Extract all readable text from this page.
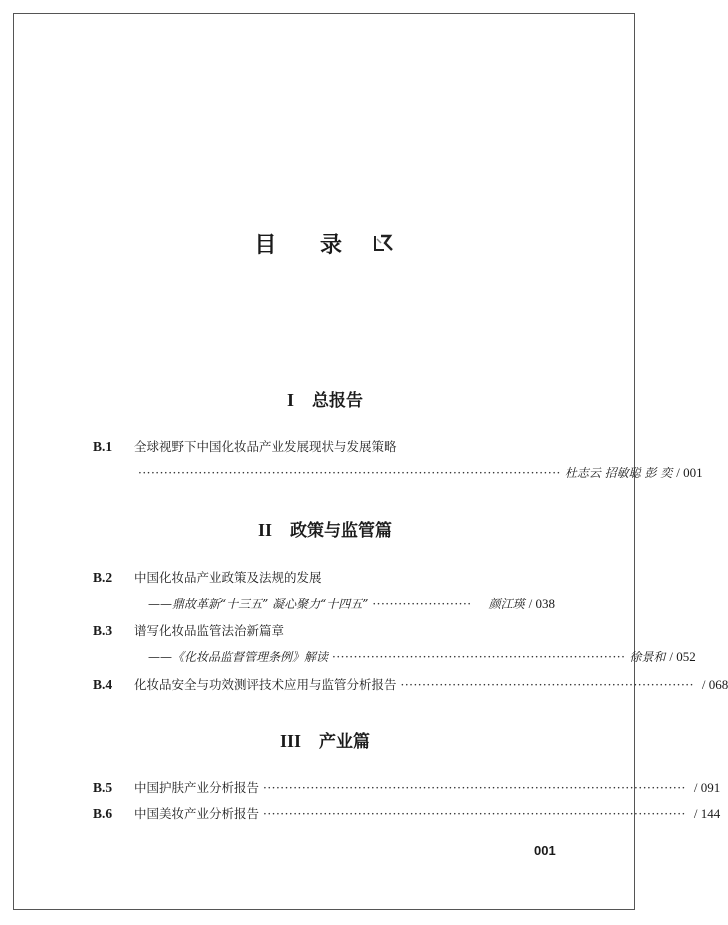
目 录
I 总报告
B.1	全球视野下中国化妆品产业发展现状与发展策略
·································································································· 杜志云 招敏聪 彭 奕 / 001
II 政策与监管篇
B.2	中国化妆品产业政策及法规的发展
——鼎故革新“十三五” 凝心聚力“十四五” ·······················	颜江瑛 / 038
B.3	谱写化妆品监管法治新篇章
——《化妆品监督管理条例》解读 ···································································· 徐景和 / 052
B.4	化妆品安全与功效测评技术应用与监管分析报告 ···································································· / 068
III 产业篇
B.5	中国护肤产业分析报告 ·································································································· / 091
B.6	中国美妆产业分析报告 ·································································································· / 144
001
